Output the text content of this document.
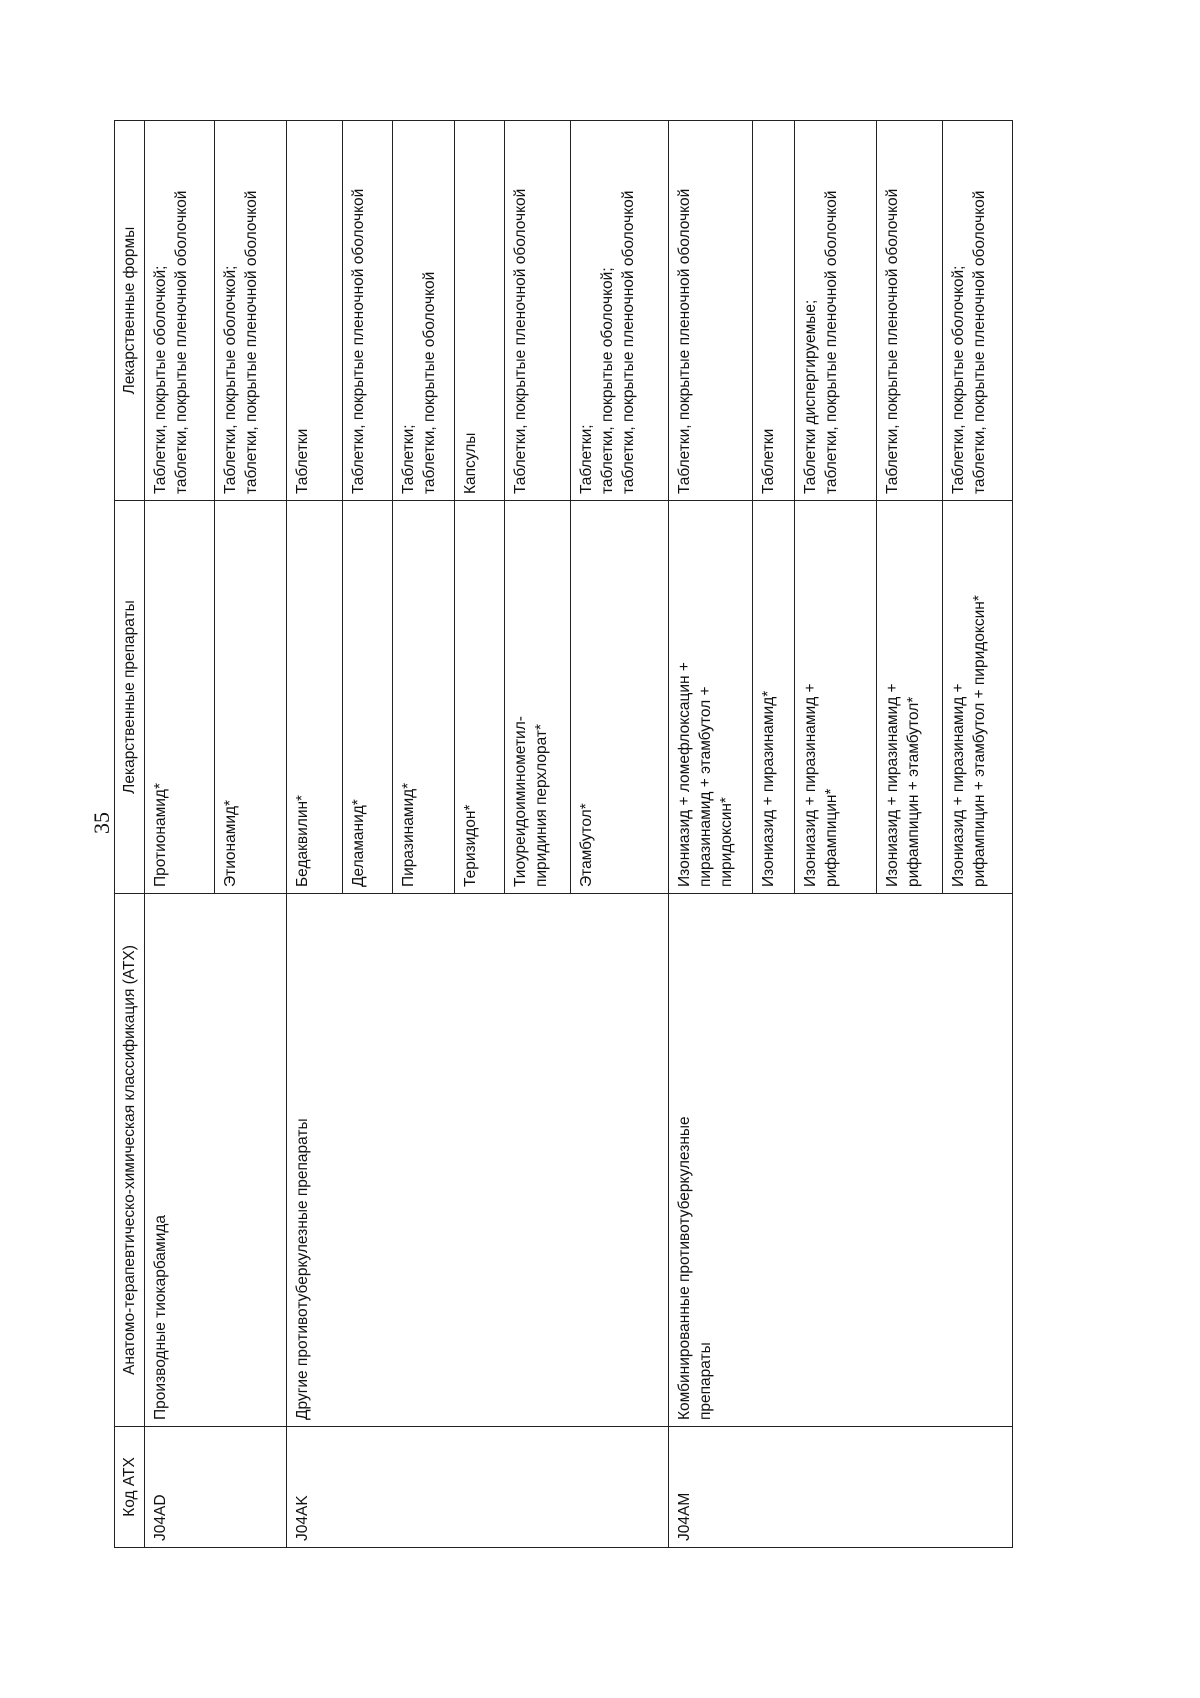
35
Код АТХ	Анатомо-терапевтическо-химическая классификация (АТХ)	Лекарственные препараты	Лекарственные формы
J04AD	Производные тиокарбамида	Протионамид*	Таблетки, покрытые оболочкой;
таблетки, покрытые пленочной оболочкой
		Этионамид*	Таблетки, покрытые оболочкой;
таблетки, покрытые пленочной оболочкой
J04AK	Другие противотуберкулезные препараты	Бедаквилин*	Таблетки
		Деламанид*	Таблетки, покрытые пленочной оболочкой
		Пиразинамид*	Таблетки;
таблетки, покрытые оболочкой
		Теризидон*	Капсулы
		Тиоуреидоиминометил-
пиридиния перхлорат*	Таблетки, покрытые пленочной оболочкой
		Этамбутол*	Таблетки;
таблетки, покрытые оболочкой;
таблетки, покрытые пленочной оболочкой
J04AM	Комбинированные противотуберкулезные
препараты	Изониазид + ломефлоксацин +
пиразинамид + этамбутол +
пиридоксин*	Таблетки, покрытые пленочной оболочкой
		Изониазид + пиразинамид*	Таблетки
		Изониазид + пиразинамид +
рифампицин*	Таблетки диспергируемые;
таблетки, покрытые пленочной оболочкой
		Изониазид + пиразинамид +
рифампицин + этамбутол*	Таблетки, покрытые пленочной оболочкой
		Изониазид + пиразинамид +
рифампицин + этамбутол + пиридоксин*	Таблетки, покрытые оболочкой;
таблетки, покрытые пленочной оболочкой
